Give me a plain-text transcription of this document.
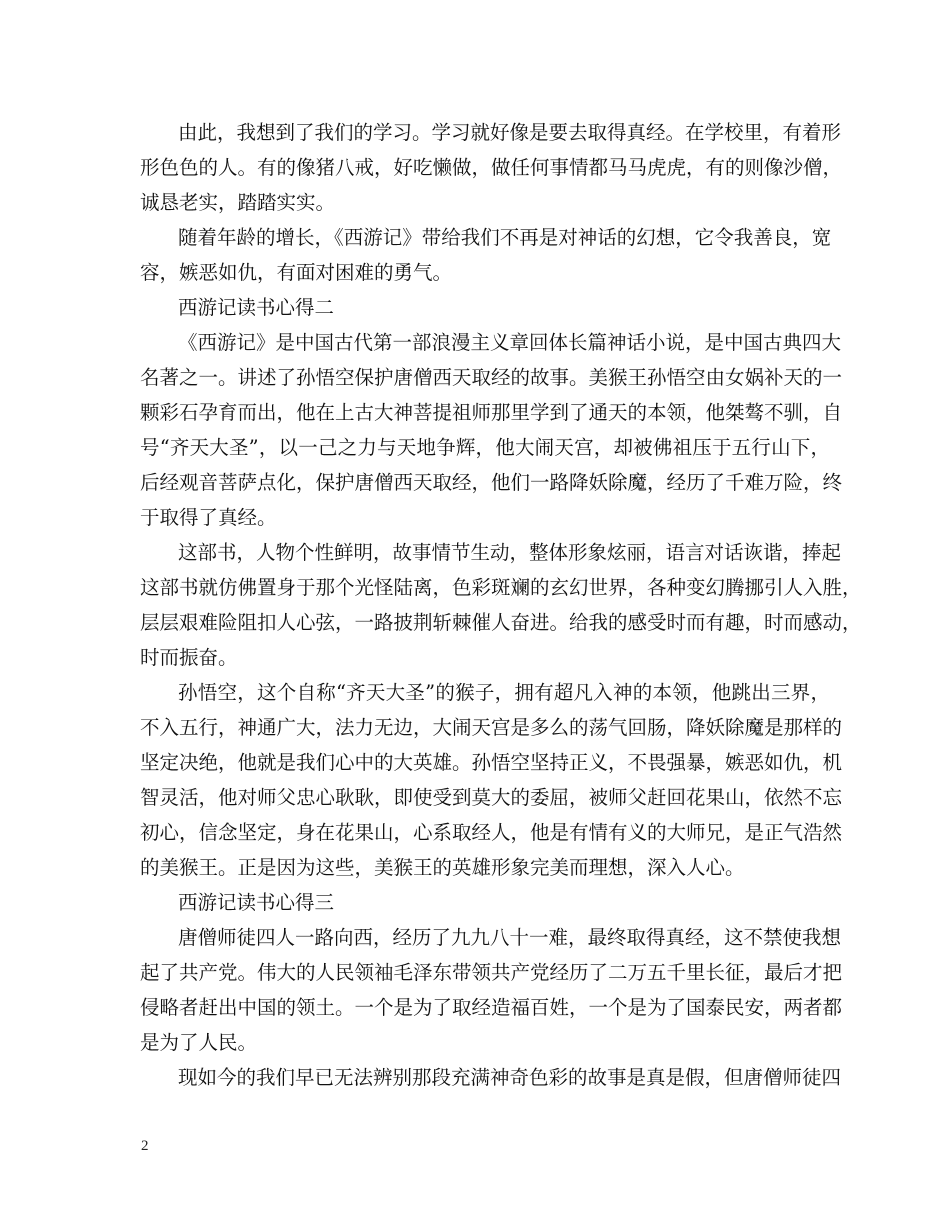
由此，我想到了我们的学习。学习就好像是要去取得真经。在学校里，有着形
形色色的人。有的像猪八戒，好吃懒做，做任何事情都马马虎虎，有的则像沙僧，
诚恳老实，踏踏实实。
随着年龄的增长，《西游记》带给我们不再是对神话的幻想，它令我善良，宽
容，嫉恶如仇，有面对困难的勇气。
西游记读书心得二
《西游记》是中国古代第一部浪漫主义章回体长篇神话小说，是中国古典四大
名著之一。讲述了孙悟空保护唐僧西天取经的故事。美猴王孙悟空由女娲补天的一
颗彩石孕育而出，他在上古大神菩提祖师那里学到了通天的本领，他桀骜不驯，自
号“齐天大圣”，以一己之力与天地争辉，他大闹天宫，却被佛祖压于五行山下，
后经观音菩萨点化，保护唐僧西天取经，他们一路降妖除魔，经历了千难万险，终
于取得了真经。
这部书，人物个性鲜明，故事情节生动，整体形象炫丽，语言对话诙谐，捧起
这部书就仿佛置身于那个光怪陆离，色彩斑斓的玄幻世界，各种变幻腾挪引人入胜，
层层艰难险阻扣人心弦，一路披荆斩棘催人奋进。给我的感受时而有趣，时而感动，
时而振奋。
孙悟空，这个自称“齐天大圣”的猴子，拥有超凡入神的本领，他跳出三界，
不入五行，神通广大，法力无边，大闹天宫是多么的荡气回肠，降妖除魔是那样的
坚定决绝，他就是我们心中的大英雄。孙悟空坚持正义，不畏强暴，嫉恶如仇，机
智灵活，他对师父忠心耿耿，即使受到莫大的委屈，被师父赶回花果山，依然不忘
初心，信念坚定，身在花果山，心系取经人，他是有情有义的大师兄，是正气浩然
的美猴王。正是因为这些，美猴王的英雄形象完美而理想，深入人心。
西游记读书心得三
唐僧师徒四人一路向西，经历了九九八十一难，最终取得真经，这不禁使我想
起了共产党。伟大的人民领袖毛泽东带领共产党经历了二万五千里长征，最后才把
侵略者赶出中国的领土。一个是为了取经造福百姓，一个是为了国泰民安，两者都
是为了人民。
现如今的我们早已无法辨别那段充满神奇色彩的故事是真是假，但唐僧师徒四
2
